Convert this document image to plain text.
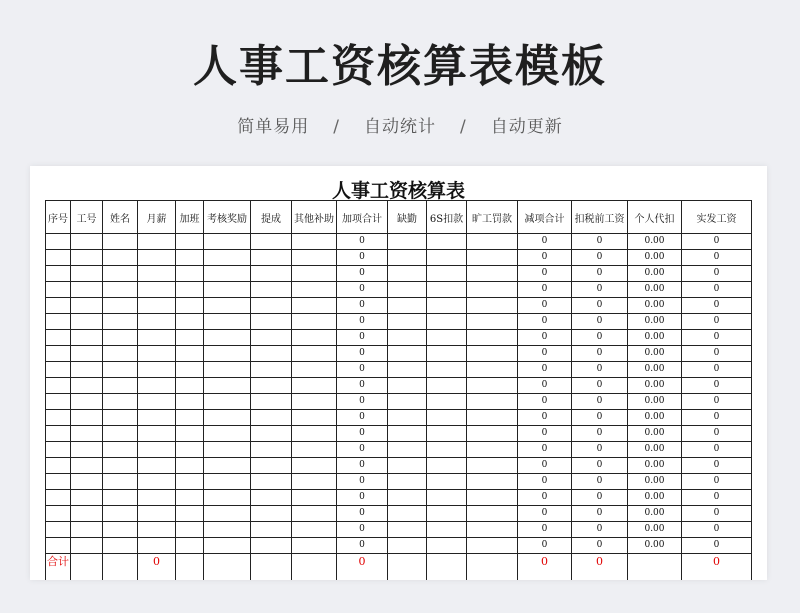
人事工资核算表模板
简单易用 / 自动统计 / 自动更新
人事工资核算表
序号	工号	姓名	月薪	加班	考核奖励	提成	其他补助	加项合计	缺勤	6S扣款	旷工罚款	减项合计	扣税前工资	个人代扣	实发工资
								0				0	0	0.00	0
								0				0	0	0.00	0
								0				0	0	0.00	0
								0				0	0	0.00	0
								0				0	0	0.00	0
								0				0	0	0.00	0
								0				0	0	0.00	0
								0				0	0	0.00	0
								0				0	0	0.00	0
								0				0	0	0.00	0
								0				0	0	0.00	0
								0				0	0	0.00	0
								0				0	0	0.00	0
								0				0	0	0.00	0
								0				0	0	0.00	0
								0				0	0	0.00	0
								0				0	0	0.00	0
								0				0	0	0.00	0
								0				0	0	0.00	0
								0				0	0	0.00	0
合计			0					0				0	0		0
